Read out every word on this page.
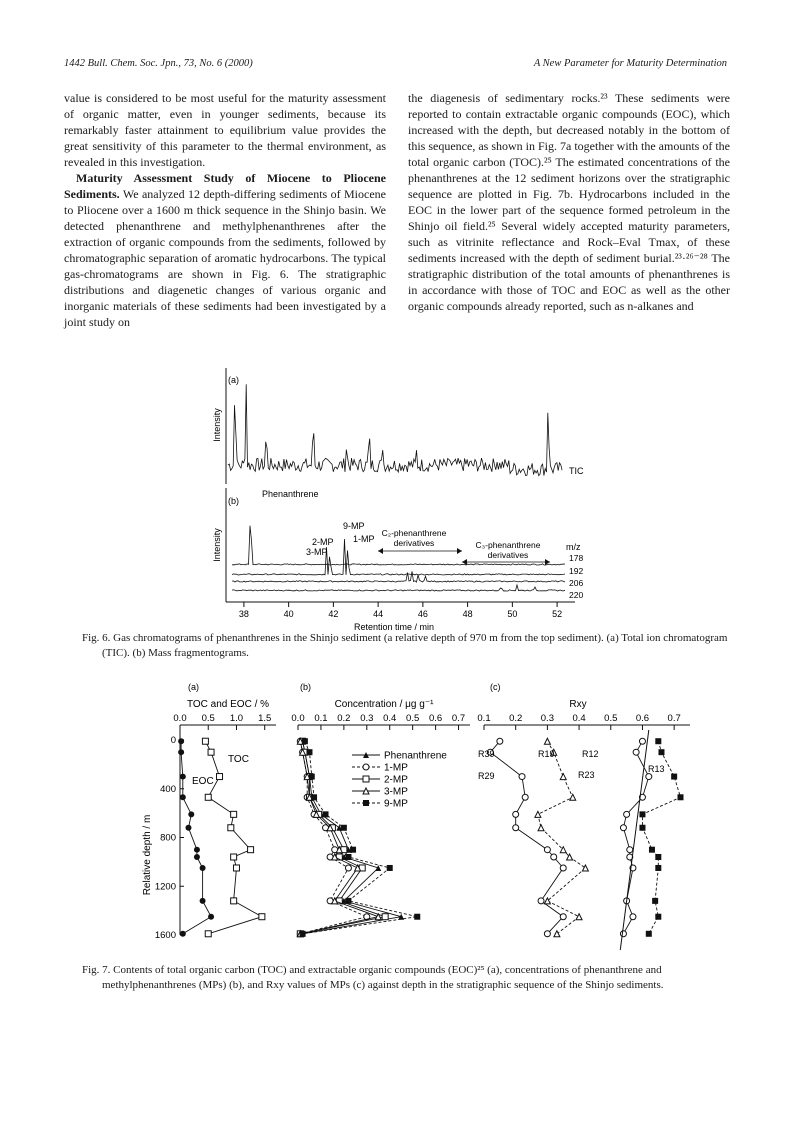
1442 Bull. Chem. Soc. Jpn., 73, No. 6 (2000)	A New Parameter for Maturity Determination

value is considered to be most useful for the maturity assessment of organic matter, even in younger sediments, because its remarkably faster attainment to equilibrium value provides the great sensitivity of this parameter to the thermal environment, as revealed in this investigation.

Maturity Assessment Study of Miocene to Pliocene Sediments. We analyzed 12 depth-differing sediments of Miocene to Pliocene over a 1600 m thick sequence in the Shinjo basin. We detected phenanthrene and methylphenanthrenes after the extraction of organic compounds from the sediments, followed by chromatographic separation of aromatic hydrocarbons. The typical gas-chromatograms are shown in Fig. 6. The stratigraphic distributions and diagenetic changes of various organic and inorganic materials of these sediments had been investigated by a joint study on

the diagenesis of sedimentary rocks.²³ These sediments were reported to contain extractable organic compounds (EOC), which increased with the depth, but decreased notably in the bottom of this sequence, as shown in Fig. 7a together with the amounts of the total organic carbon (TOC).²⁵ The estimated concentrations of the phenanthrenes at the 12 sediment horizons over the stratigraphic sequence are plotted in Fig. 7b. Hydrocarbons included in the EOC in the lower part of the sequence formed petroleum in the Shinjo oil field.²⁵ Several widely accepted maturity parameters, such as vitrinite reflectance and Rock–Eval Tmax, of these sediments increased with the depth of sediment burial.²³·²⁶⁻²⁸ The stratigraphic distribution of the total amounts of phenanthrenes is in accordance with those of TOC and EOC as well as the other organic compounds already reported, such as n-alkanes and

(a)
(b)
Intensity
Intensity
TIC
Phenanthrene
9-MP
1-MP
2-MP
3-MP
C₂-phenanthrene
derivatives	C₃-phenanthrene
derivatives
m/z
178
192
206
220
38	40	42	44	46	48	50	52
Retention time / min
Fig. 6. Gas chromatograms of phenanthrenes in the Shinjo sediment (a relative depth of 970 m from the top sediment). (a) Total ion chromatogram (TIC). (b) Mass fragmentograms.
(a)	(b)	(c)
TOC and EOC / %	Concentration / μg g⁻¹	Rxy
Relative depth / m
0.0 0.5 1.0 1.5
0
400
800
1200
1600
0.0 0.1 0.2 0.3 0.4 0.5 0.6 0.7 0.1 0.2 0.3 0.4 0.5 0.6 0.7
TOC
EOC
Phenanthrene
1-MP
2-MP
3-MP
9-MP
R39	R19	R12
R13
R29	R23
Fig. 7. Contents of total organic carbon (TOC) and extractable organic compounds (EOC)²⁵ (a), concentrations of phenanthrene and methylphenanthrenes (MPs) (b), and Rxy values of MPs (c) against depth in the stratigraphic sequence of the Shinjo sediments.
